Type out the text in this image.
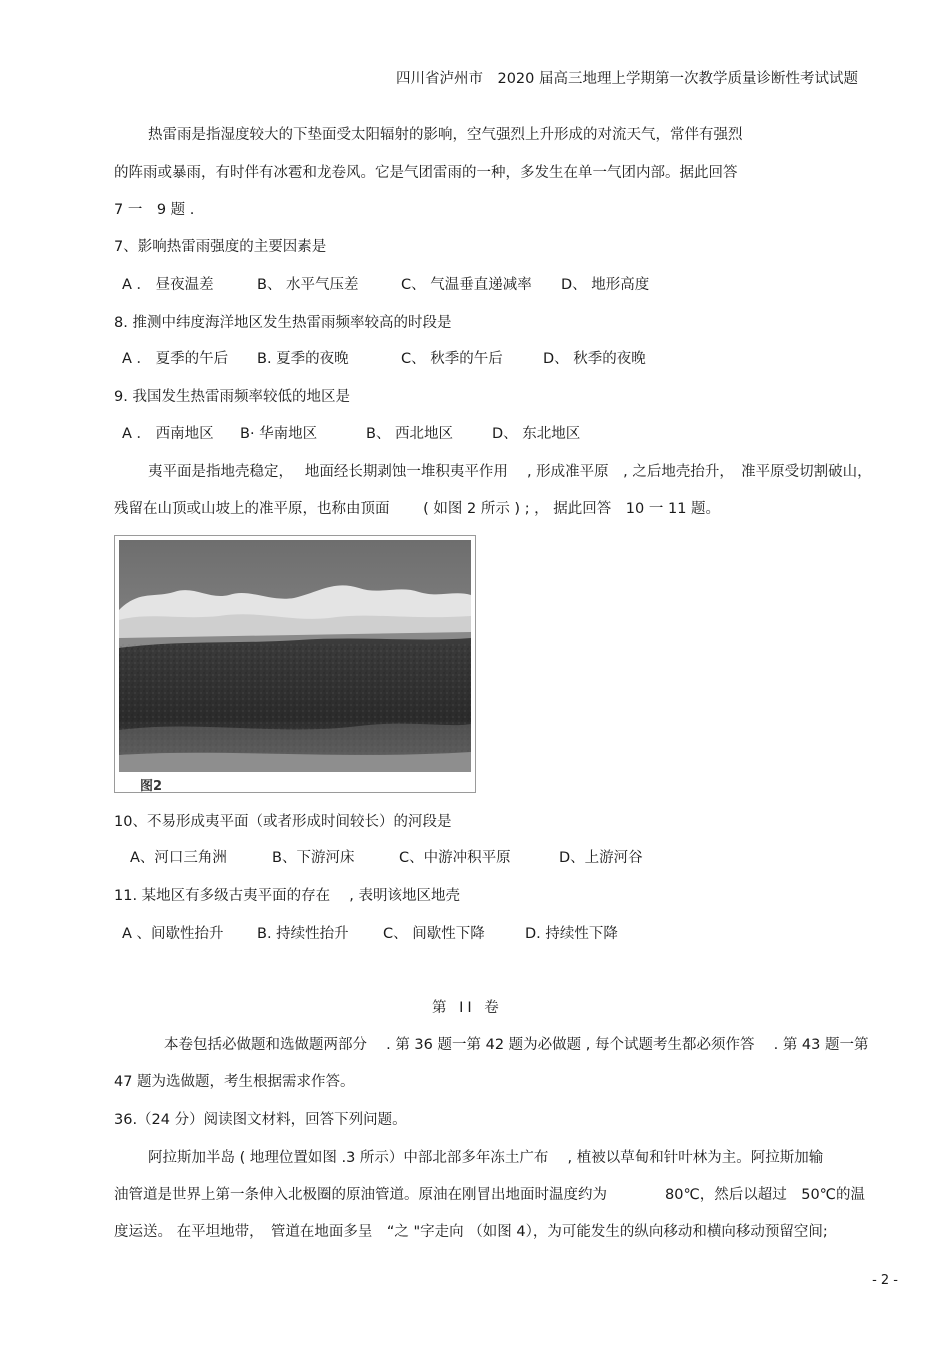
四川省泸州市　2020 届高三地理上学期第一次教学质量诊断性考试试题
热雷雨是指湿度较大的下垫面受太阳辐射的影响，空气强烈上升形成的对流天气，常伴有强烈
的阵雨或暴雨，有时伴有冰雹和龙卷风。它是气团雷雨的一种，多发生在单一气团内部。据此回答
7 一　9 题 .
7、影响热雷雨强度的主要因素是
A ． 昼夜温差	B、 水平气压差	C、 气温垂直递减率	D、 地形高度
8. 推测中纬度海洋地区发生热雷雨频率较高的时段是
A ． 夏季的午后	B. 夏季的夜晚	C、 秋季的午后	D、 秋季的夜晚
9. 我国发生热雷雨频率较低的地区是
A ． 西南地区	B· 华南地区	B、 西北地区	D、 东北地区
夷平面是指地壳稳定，　 地面经长期剥蚀一堆积夷平作用　 , 形成准平原　, 之后地壳抬升，　准平原受切割破山，
残留在山顶或山坡上的准平原，也称由顶面　　 ( 如图 2 所示 ) ; ， 据此回答　10 一 11 题。
图2
10、不易形成夷平面（或者形成时间较长）的河段是
A、河口三角洲	B、下游河床	C、中游冲积平原	D、上游河谷
11. 某地区有多级古夷平面的存在　 , 表明该地区地壳
A 、间歇性抬升	B. 持续性抬升	C、 间歇性下降	D. 持续性下降
第 II 卷
本卷包括必做题和选做题两部分　 . 第 36 题一第 42 题为必做题 , 每个试题考生都必须作答　 . 第 43 题一第
47 题为选做题，考生根据需求作答。
36.（24 分）阅读图文材料，回答下列问题。
阿拉斯加半岛 ( 地理位置如图 .3 所示）中部北部多年冻土广布　 , 植被以草甸和针叶林为主。阿拉斯加输
油管道是世界上第一条伸入北极圈的原油管道。原油在刚冒出地面时温度约为　　　　80℃，然后以超过　50℃的温
度运送。 在平坦地带，　管道在地面多呈　“之 "字走向 （如图 4），为可能发生的纵向移动和横向移动预留空间;
- 2 -
